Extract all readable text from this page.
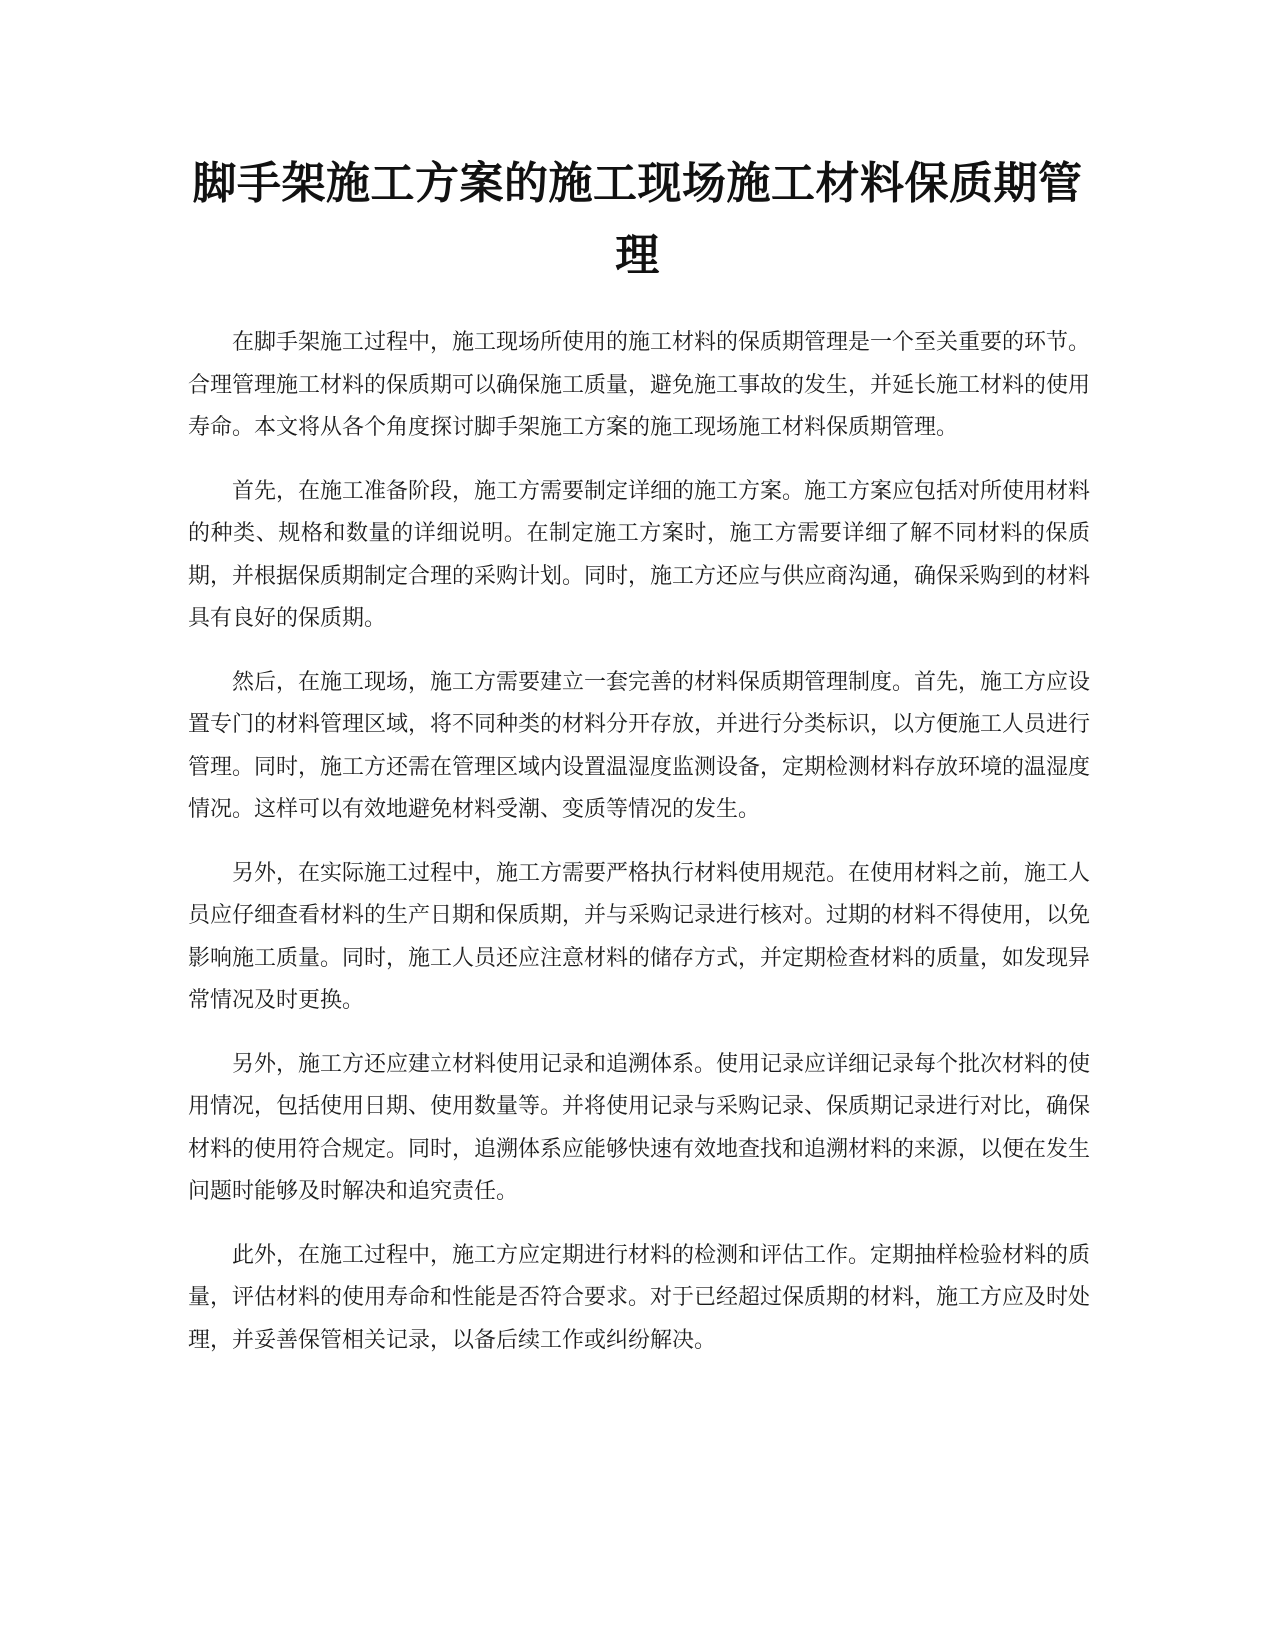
脚手架施工方案的施工现场施工材料保质期管理

在脚手架施工过程中，施工现场所使用的施工材料的保质期管理是一个至关重要的环节。合理管理施工材料的保质期可以确保施工质量，避免施工事故的发生，并延长施工材料的使用寿命。本文将从各个角度探讨脚手架施工方案的施工现场施工材料保质期管理。

首先，在施工准备阶段，施工方需要制定详细的施工方案。施工方案应包括对所使用材料的种类、规格和数量的详细说明。在制定施工方案时，施工方需要详细了解不同材料的保质期，并根据保质期制定合理的采购计划。同时，施工方还应与供应商沟通，确保采购到的材料具有良好的保质期。

然后，在施工现场，施工方需要建立一套完善的材料保质期管理制度。首先，施工方应设置专门的材料管理区域，将不同种类的材料分开存放，并进行分类标识，以方便施工人员进行管理。同时，施工方还需在管理区域内设置温湿度监测设备，定期检测材料存放环境的温湿度情况。这样可以有效地避免材料受潮、变质等情况的发生。

另外，在实际施工过程中，施工方需要严格执行材料使用规范。在使用材料之前，施工人员应仔细查看材料的生产日期和保质期，并与采购记录进行核对。过期的材料不得使用，以免影响施工质量。同时，施工人员还应注意材料的储存方式，并定期检查材料的质量，如发现异常情况及时更换。

另外，施工方还应建立材料使用记录和追溯体系。使用记录应详细记录每个批次材料的使用情况，包括使用日期、使用数量等。并将使用记录与采购记录、保质期记录进行对比，确保材料的使用符合规定。同时，追溯体系应能够快速有效地查找和追溯材料的来源，以便在发生问题时能够及时解决和追究责任。

此外，在施工过程中，施工方应定期进行材料的检测和评估工作。定期抽样检验材料的质量，评估材料的使用寿命和性能是否符合要求。对于已经超过保质期的材料，施工方应及时处理，并妥善保管相关记录，以备后续工作或纠纷解决。
